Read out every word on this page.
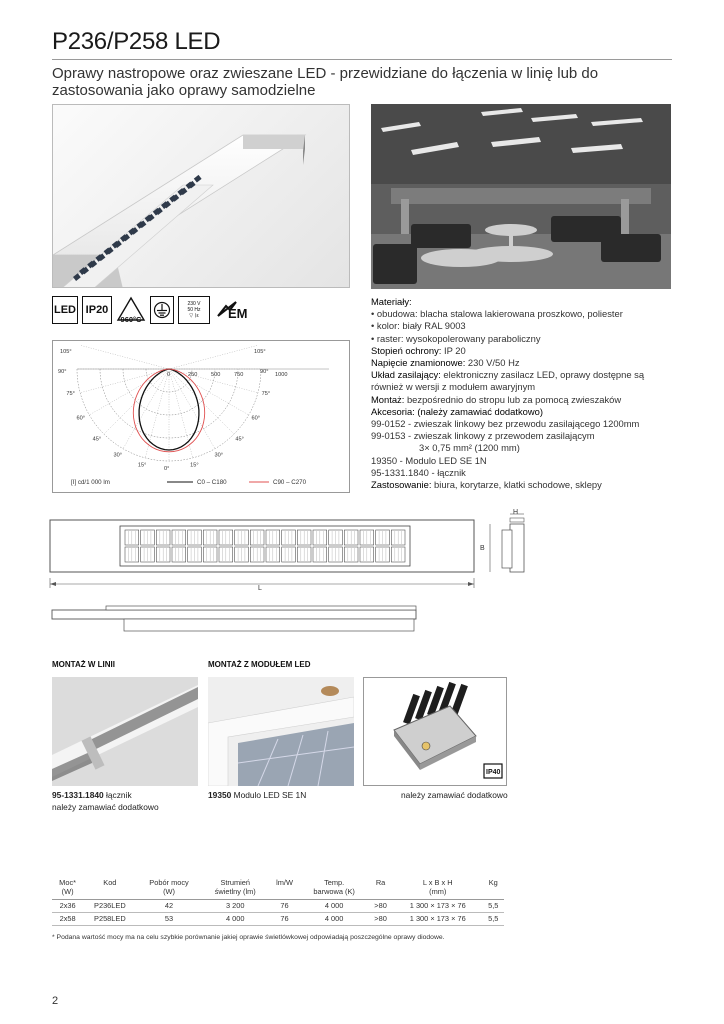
P236/P258 LED

Oprawy nastropowe oraz zwieszane LED - przewidziane do łączenia w linię lub do zastosowania jako oprawy samodzielne

LED IP20
960°C
230 V
50 Hz
▽ ⟨ε EM
0	250 500 750	1000
105°
105°
90°
90°
75°
75°
60°
60°
45°
45°
30°
30°
15°
15°
0°
[I] cd/1 000 lm	C0 – C180	C90 – C270
Materiały:
• obudowa: blacha stalowa lakierowana proszkowo, poliester
• kolor: biały RAL 9003
• raster: wysokopolerowany paraboliczny
Stopień ochrony: IP 20
Napięcie znamionowe: 230 V/50 Hz
Układ zasilający: elektroniczny zasilacz LED, oprawy dostępne są
również w wersji z modułem awaryjnym
Montaż: bezpośrednio do stropu lub za pomocą zwieszaków
Akcesoria: (należy zamawiać dodatkowo)
99-0152 - zwieszak linkowy bez przewodu zasilającego 1200mm
99-0153 - zwieszak linkowy z przewodem zasilającym
3× 0,75 mm² (1200 mm)
19350 - Modulo LED SE 1N
95-1331.1840 - łącznik
Zastosowanie: biura, korytarze, klatki schodowe, sklepy
L
H
B
MONTAŻ W LINII	MONTAŻ Z MODUŁEM LED
IP40
95-1331.1840 łącznik
należy zamawiać dodatkowo
19350 Modulo LED SE 1N	należy zamawiać dodatkowo
Moc*
(W)	Kod	Pobór mocy
(W)	Strumień
świetlny (lm)	lm/W	Temp.
barwowa (K)	Ra	L x B x H
(mm)	Kg

2x36	P236LED	42	3 200	76	4 000	>80	1 300 × 173 × 76	5,5
2x58	P258LED	53	4 000	76	4 000	>80	1 300 × 173 × 76	5,5

* Podana wartość mocy ma na celu szybkie porównanie jakiej oprawie świetlówkowej odpowiadają poszczególne oprawy diodowe.

2
